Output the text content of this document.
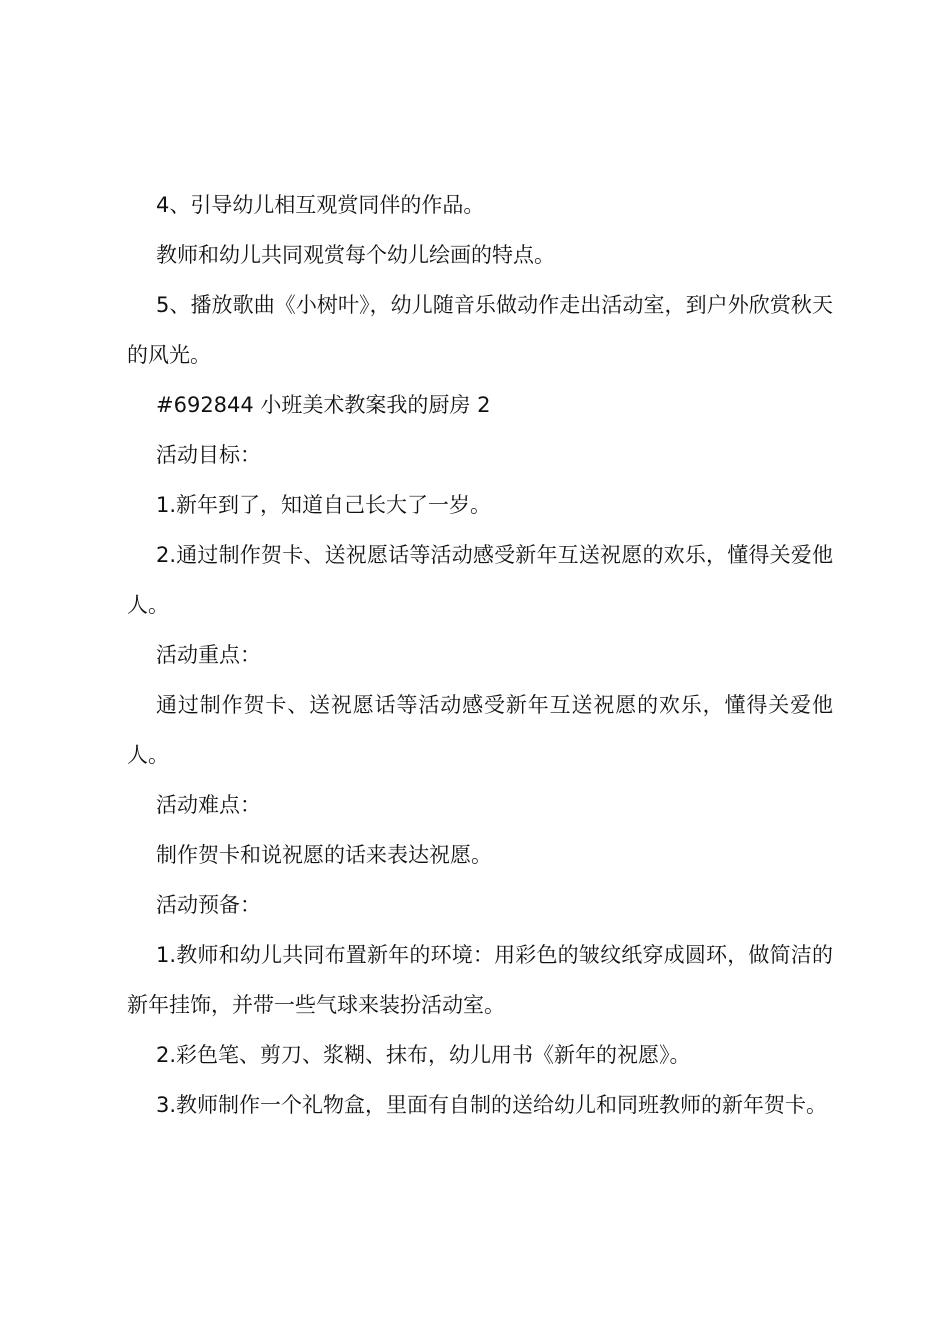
4、引导幼儿相互观赏同伴的作品。

教师和幼儿共同观赏每个幼儿绘画的特点。

5、播放歌曲《小树叶》，幼儿随音乐做动作走出活动室，到户外欣赏秋天的风光。

#692844 小班美术教案我的厨房 2

活动目标：

1.新年到了，知道自己长大了一岁。

2.通过制作贺卡、送祝愿话等活动感受新年互送祝愿的欢乐，懂得关爱他人。

活动重点：

通过制作贺卡、送祝愿话等活动感受新年互送祝愿的欢乐，懂得关爱他人。

活动难点：

制作贺卡和说祝愿的话来表达祝愿。

活动预备：

1.教师和幼儿共同布置新年的环境：用彩色的皱纹纸穿成圆环，做简洁的新年挂饰，并带一些气球来装扮活动室。

2.彩色笔、剪刀、浆糊、抹布，幼儿用书《新年的祝愿》。

3.教师制作一个礼物盒，里面有自制的送给幼儿和同班教师的新年贺卡。
